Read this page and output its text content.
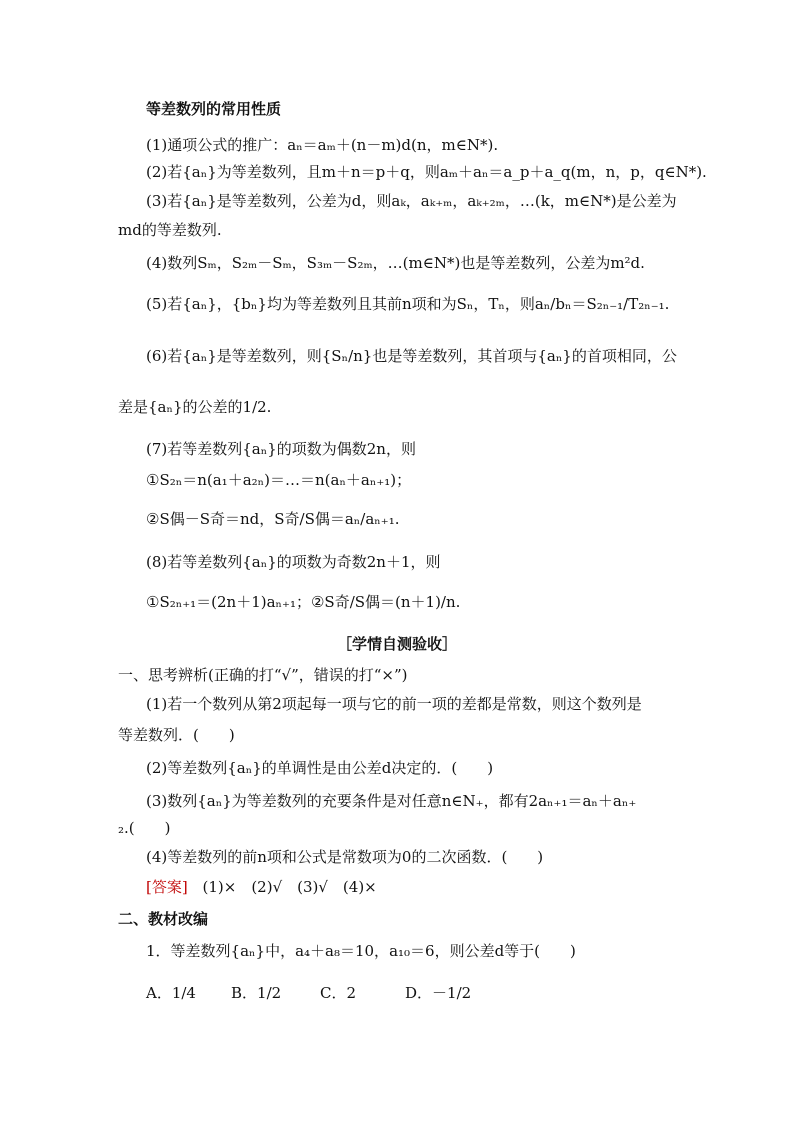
等差数列的常用性质
(1)通项公式的推广：aₙ＝aₘ＋(n－m)d(n，m∈N*).
(2)若{aₙ}为等差数列，且m＋n＝p＋q，则aₘ＋aₙ＝a_p＋a_q(m，n，p，q∈N*).
(3)若{aₙ}是等差数列，公差为d，则aₖ，aₖ₊ₘ，aₖ₊₂ₘ，…(k，m∈N*)是公差为
md的等差数列.
(4)数列Sₘ，S₂ₘ－Sₘ，S₃ₘ－S₂ₘ，…(m∈N*)也是等差数列，公差为m²d.
(5)若{aₙ}，{bₙ}均为等差数列且其前n项和为Sₙ，Tₙ，则aₙ/bₙ＝S₂ₙ₋₁/T₂ₙ₋₁.
(6)若{aₙ}是等差数列，则{Sₙ/n}也是等差数列，其首项与{aₙ}的首项相同，公
差是{aₙ}的公差的1/2.
(7)若等差数列{aₙ}的项数为偶数2n，则
①S₂ₙ＝n(a₁＋a₂ₙ)＝…＝n(aₙ＋aₙ₊₁)；
②S偶－S奇＝nd，S奇/S偶＝aₙ/aₙ₊₁.
(8)若等差数列{aₙ}的项数为奇数2n＋1，则
①S₂ₙ₊₁＝(2n＋1)aₙ₊₁；②S奇/S偶＝(n＋1)/n.
［学情自测验收］
一、思考辨析(正确的打“√”，错误的打“×”)
(1)若一个数列从第2项起每一项与它的前一项的差都是常数，则这个数列是
等差数列．(　　)
(2)等差数列{aₙ}的单调性是由公差d决定的．(　　)
(3)数列{aₙ}为等差数列的充要条件是对任意n∈N₊，都有2aₙ₊₁＝aₙ＋aₙ₊
₂.(　　)
(4)等差数列的前n项和公式是常数项为0的二次函数．(　　)
[答案] (1)×　(2)√　(3)√　(4)×
二、教材改编
1．等差数列{aₙ}中，a₄＋a₈＝10，a₁₀＝6，则公差d等于(　　)
A．1/4 B．1/2	C．2	D．－1/2
